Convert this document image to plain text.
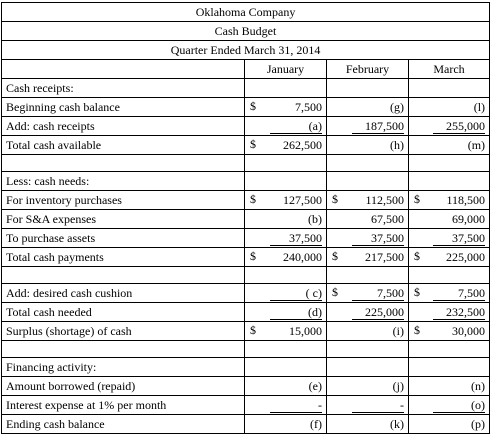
Oklahoma Company			
Cash Budget			
Quarter Ended March 31, 2014			
	January	February	March
Cash receipts:			
Beginning cash balance	$ 7,500	(g)	(l)
Add: cash receipts	(a)	187,500	255,000
Total cash available	$ 262,500	(h)	(m)

Less: cash needs:			
For inventory purchases	$ 127,500	$ 112,500	$ 118,500
For S&A expenses	(b)	67,500	69,000
To purchase assets	37,500	37,500	37,500
Total cash payments	$ 240,000	$ 217,500	$ 225,000

Add: desired cash cushion	( c)	$ 7,500	$ 7,500
Total cash needed	(d)	225,000	232,500
Surplus (shortage) of cash	$ 15,000	(i)	$ 30,000

Financing activity:			
Amount borrowed (repaid)	(e)	(j)	(n)
Interest expense at 1% per month	-	-	(o)
Ending cash balance	(f)	(k)	(p)
